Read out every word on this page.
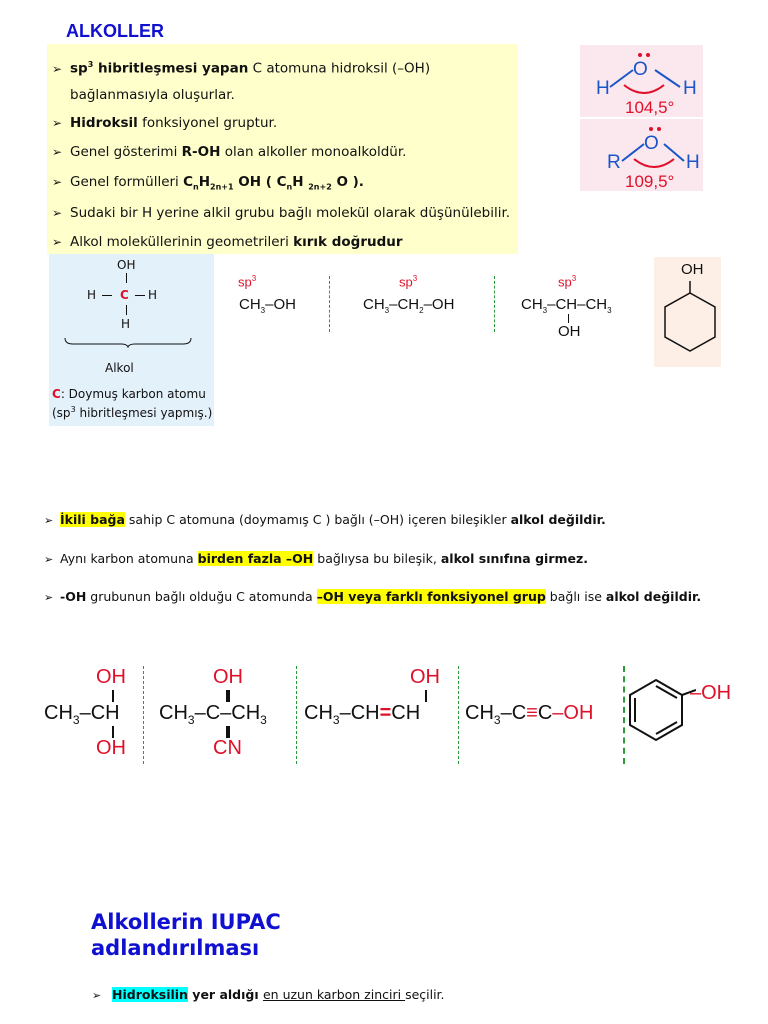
ALKOLLER
➢ $sp^3$ hibritleşmesi yapan C atomuna hidroksil (–OH)
bağlanmasıyla oluşurlar.
➢ Hidroksil fonksiyonel gruptur.
➢ Genel gösterimi R-OH olan alkoller monoalkoldür.
➢ Genel formülleri $C_nH_{2n+1}$ OH ( $C_nH$ $_{2n+2}$ O ).
➢ Sudaki bir H yerine alkil grubu bağlı molekül olarak düşünülebilir.
➢ Alkol moleküllerinin geometrileri kırık doğrudur
H
O
H
104,5°
R
O
H
109,5°
OH
H C H
H
Alkol
C: Doymuş karbon atomu
($sp^3$ hibritleşmesi yapmış.)
$sp^3$
$CH_3-OH$
$sp^3$
$CH_3-CH_2-OH$
$sp^3$
$CH_3-CH-CH_3$
OH
OH
➢ İkili bağa sahip C atomuna (doymamış C ) bağlı (–OH) içeren bileşikler alkol değildir.
➢ Aynı karbon atomuna birden fazla –OH bağlıysa bu bileşik, alkol sınıfına girmez.
➢ -OH grubunun bağlı olduğu C atomunda –OH veya farklı fonksiyonel grup bağlı ise alkol değildir.
OH
$CH_3-CH$
OH
OH
$CH_3-C-CH_3$
CN
OH
$CH_3-CH=CH$ $CH_3-C\equiv C-OH$
–OH
Alkollerin IUPAC
adlandırılması
➢ Hidroksilin yer aldığı en uzun karbon zinciri seçilir.
